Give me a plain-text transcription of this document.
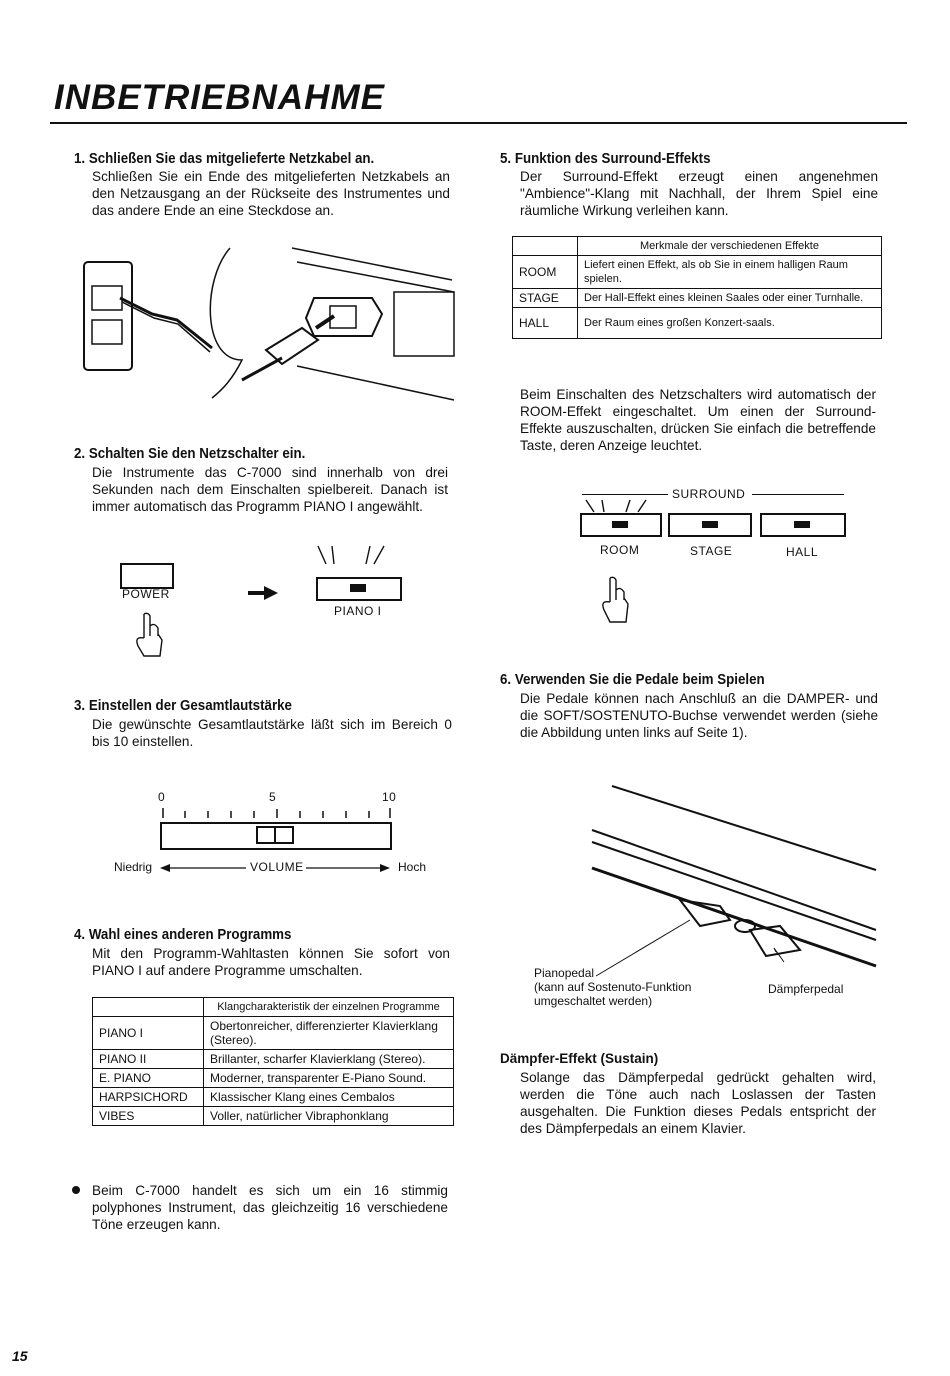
INBETRIEBNAHME
1. Schließen Sie das mitgelieferte Netzkabel an.
Schließen Sie ein Ende des mitgelieferten Netzkabels an den Netzausgang an der Rückseite des Instrumentes und das andere Ende an eine Steckdose an.
2. Schalten Sie den Netzschalter ein.
Die Instrumente das C-7000 sind innerhalb von drei Sekunden nach dem Einschalten spielbereit. Danach ist immer automatisch das Programm PIANO I angewählt.
POWER
PIANO I
3. Einstellen der Gesamtlautstärke
Die gewünschte Gesamtlautstärke läßt sich im Bereich 0 bis 10 einstellen.
0	5	10
Niedrig	VOLUME	Hoch
4. Wahl eines anderen Programms
Mit den Programm-Wahltasten können Sie sofort von PIANO I auf andere Programme umschalten.
	Klangcharakteristik der einzelnen Programme
PIANO I	Obertonreicher, differenzierter Klavierklang (Stereo).
PIANO II	Brillanter, scharfer Klavierklang (Stereo).
E. PIANO	Moderner, transparenter E-Piano Sound.
HARPSICHORD	Klassischer Klang eines Cembalos
VIBES	Voller, natürlicher Vibraphonklang
Beim C-7000 handelt es sich um ein 16 stimmig polyphones Instrument, das gleichzeitig 16 verschiedene Töne erzeugen kann.
5. Funktion des Surround-Effekts
Der Surround-Effekt erzeugt einen angenehmen "Ambience"-Klang mit Nachhall, der Ihrem Spiel eine räumliche Wirkung verleihen kann.
	Merkmale der verschiedenen Effekte
ROOM	Liefert einen Effekt, als ob Sie in einem halligen Raum spielen.
STAGE	Der Hall-Effekt eines kleinen Saales oder einer Turnhalle.
HALL	Der Raum eines großen Konzert-saals.
Beim Einschalten des Netzschalters wird automatisch der ROOM-Effekt eingeschaltet. Um einen der Surround-Effekte auszuschalten, drücken Sie einfach die betreffende Taste, deren Anzeige leuchtet.
SURROUND
ROOM	STAGE	HALL
6. Verwenden Sie die Pedale beim Spielen
Die Pedale können nach Anschluß an die DAMPER- und die SOFT/SOSTENUTO-Buchse verwendet werden (siehe die Abbildung unten links auf Seite 1).
Pianopedal
(kann auf Sostenuto-Funktion umgeschaltet werden)
Dämpferpedal
Dämpfer-Effekt (Sustain)
Solange das Dämpferpedal gedrückt gehalten wird, werden die Töne auch nach Loslassen der Tasten ausgehalten. Die Funktion dieses Pedals entspricht der des Dämpferpedals an einem Klavier.
15
